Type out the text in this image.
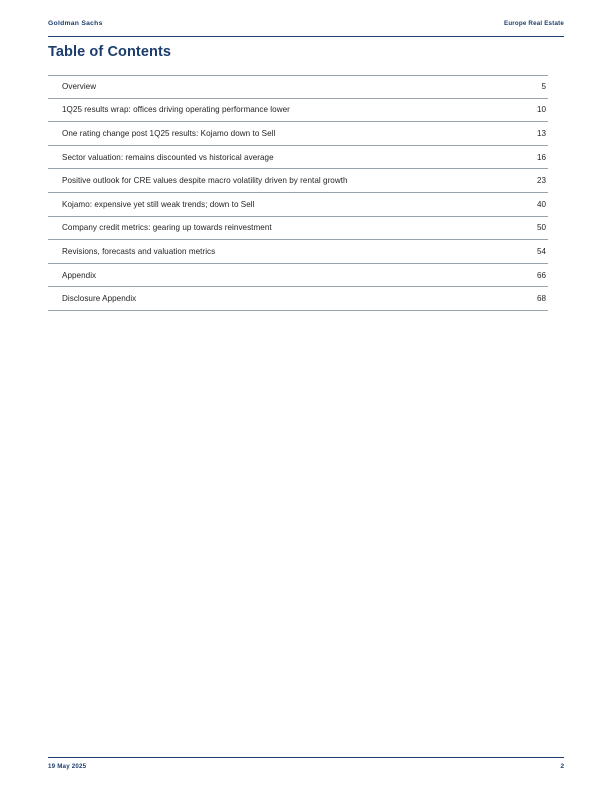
Goldman Sachs	Europe Real Estate
Table of Contents
Overview	5
1Q25 results wrap: offices driving operating performance lower	10
One rating change post 1Q25 results: Kojamo down to Sell	13
Sector valuation: remains discounted vs historical average	16
Positive outlook for CRE values despite macro volatility driven by rental growth	23
Kojamo: expensive yet still weak trends; down to Sell	40
Company credit metrics: gearing up towards reinvestment	50
Revisions, forecasts and valuation metrics	54
Appendix	66
Disclosure Appendix	68
19 May 2025	2
